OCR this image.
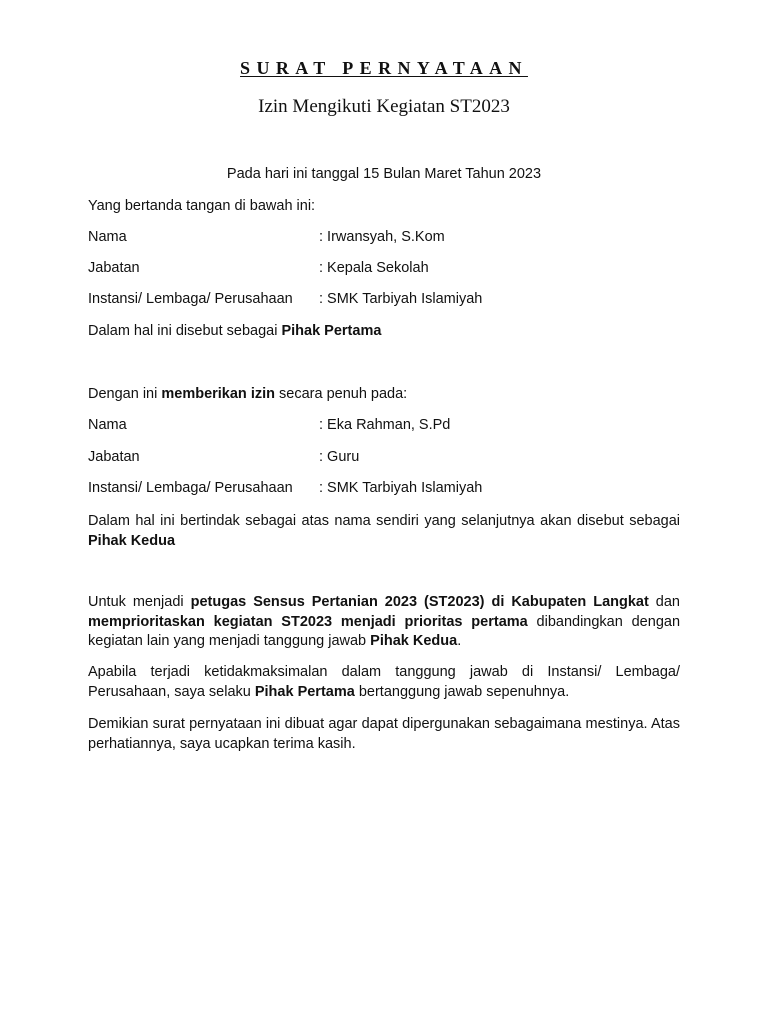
SURAT PERNYATAAN
Izin Mengikuti Kegiatan ST2023
Pada hari ini tanggal 15 Bulan Maret Tahun 2023
Yang bertanda tangan di bawah ini:
Nama	: Irwansyah, S.Kom
Jabatan	: Kepala Sekolah
Instansi/ Lembaga/ Perusahaan : SMK Tarbiyah Islamiyah
Dalam hal ini disebut sebagai Pihak Pertama
Dengan ini memberikan izin secara penuh pada:
Nama	: Eka Rahman, S.Pd
Jabatan	: Guru
Instansi/ Lembaga/ Perusahaan : SMK Tarbiyah Islamiyah
Dalam hal ini bertindak sebagai atas nama sendiri yang selanjutnya akan disebut sebagai Pihak Kedua
Untuk menjadi petugas Sensus Pertanian 2023 (ST2023) di Kabupaten Langkat dan memprioritaskan kegiatan ST2023 menjadi prioritas pertama dibandingkan dengan kegiatan lain yang menjadi tanggung jawab Pihak Kedua.
Apabila terjadi ketidakmaksimalan dalam tanggung jawab di Instansi/ Lembaga/ Perusahaan, saya selaku Pihak Pertama bertanggung jawab sepenuhnya.
Demikian surat pernyataan ini dibuat agar dapat dipergunakan sebagaimana mestinya. Atas perhatiannya, saya ucapkan terima kasih.
